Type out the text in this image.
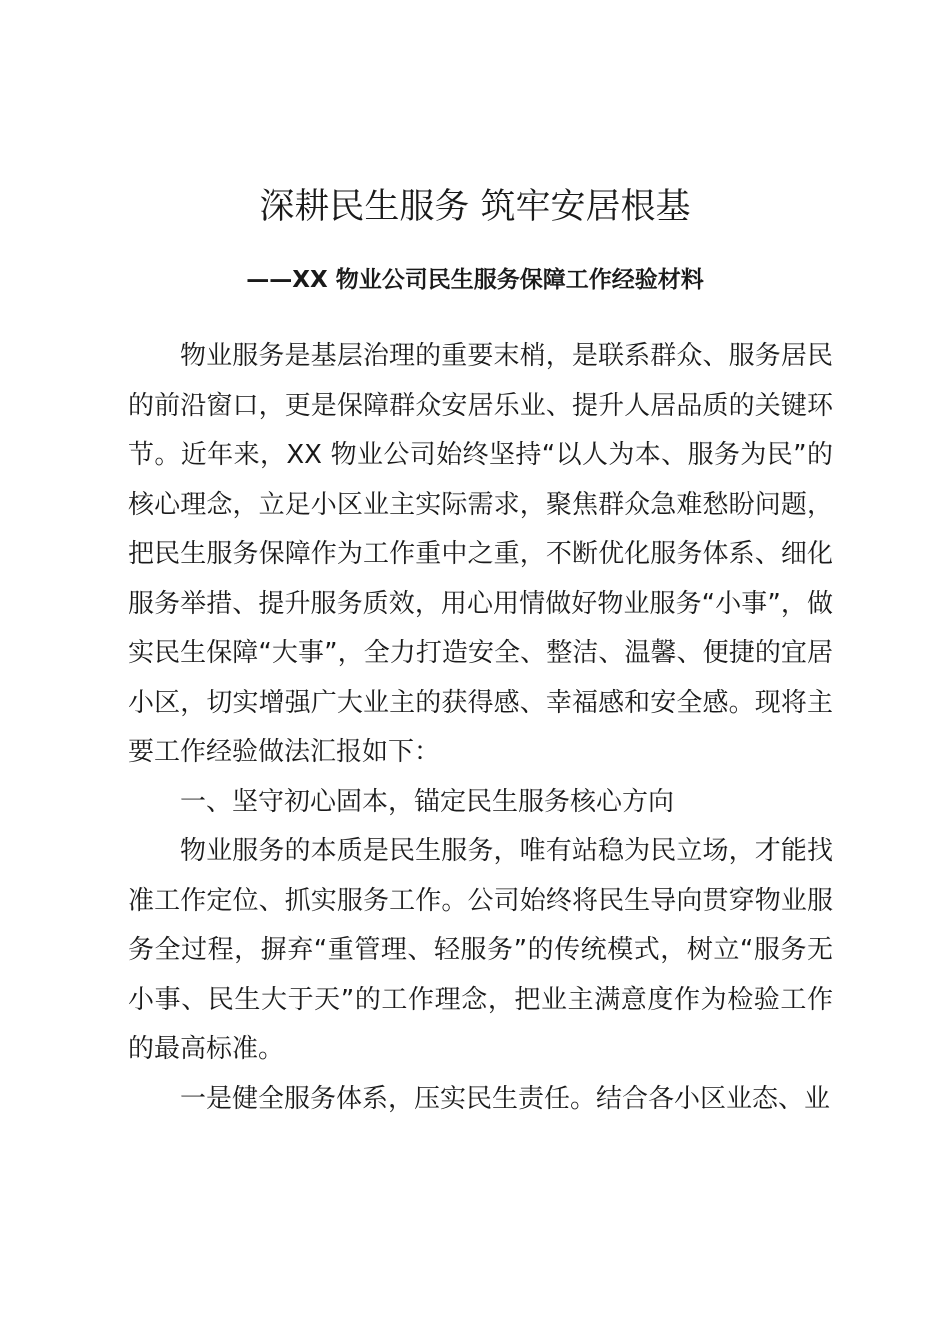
深耕民生服务 筑牢安居根基
——XX 物业公司民生服务保障工作经验材料

物业服务是基层治理的重要末梢，是联系群众、服务居民的前沿窗口，更是保障群众安居乐业、提升人居品质的关键环节。近年来，XX 物业公司始终坚持“以人为本、服务为民”的核心理念，立足小区业主实际需求，聚焦群众急难愁盼问题，把民生服务保障作为工作重中之重，不断优化服务体系、细化服务举措、提升服务质效，用心用情做好物业服务“小事”，做实民生保障“大事”，全力打造安全、整洁、温馨、便捷的宜居小区，切实增强广大业主的获得感、幸福感和安全感。现将主要工作经验做法汇报如下：

一、坚守初心固本，锚定民生服务核心方向

物业服务的本质是民生服务，唯有站稳为民立场，才能找准工作定位、抓实服务工作。公司始终将民生导向贯穿物业服务全过程，摒弃“重管理、轻服务”的传统模式，树立“服务无小事、民生大于天”的工作理念，把业主满意度作为检验工作的最高标准。

一是健全服务体系，压实民生责任。结合各小区业态、业
